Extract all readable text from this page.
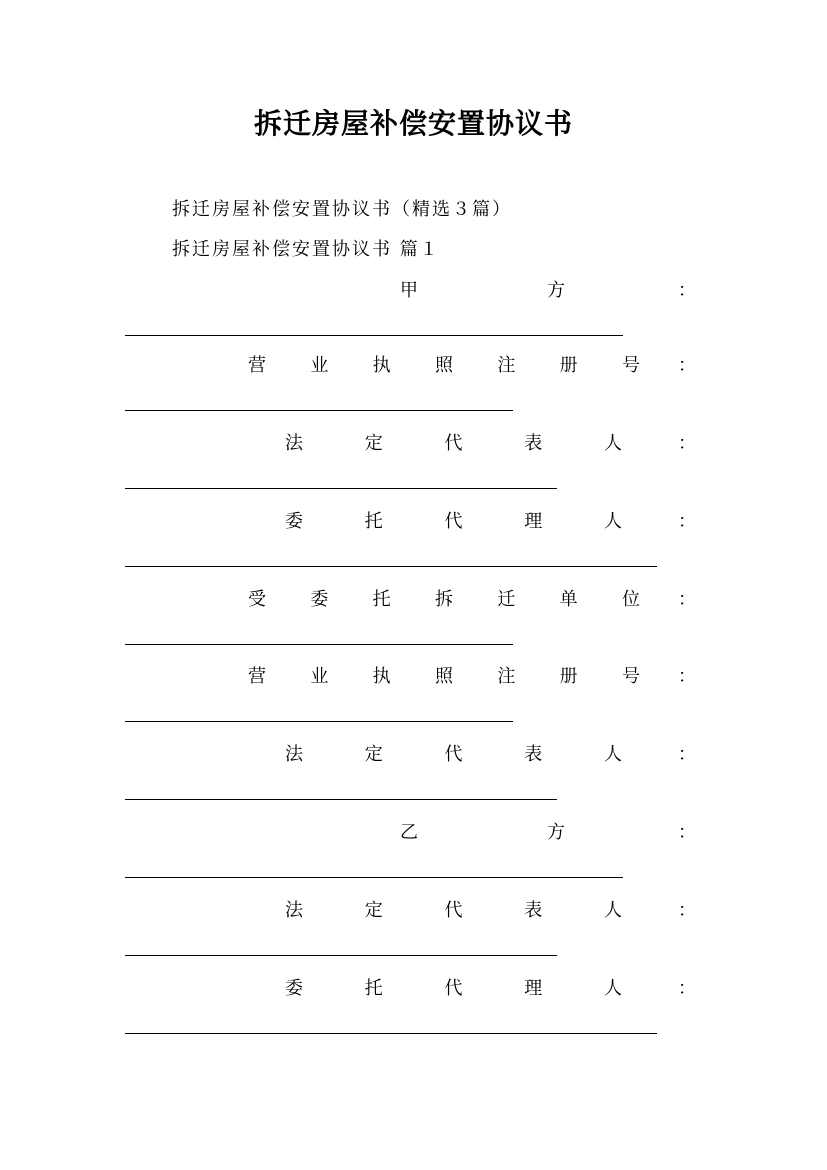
拆迁房屋补偿安置协议书
拆迁房屋补偿安置协议书（精选３篇）
拆迁房屋补偿安置协议书 篇１
甲	方	：
营 业 执 照 注 册 号 ：
法	定	代	表	人	：
委	托	代	理	人	：
受 委 托 拆 迁 单 位 ：
营 业 执 照 注 册 号 ：
法	定	代	表	人	：
乙	方	：
法	定	代	表	人	：
委	托	代	理	人	：
